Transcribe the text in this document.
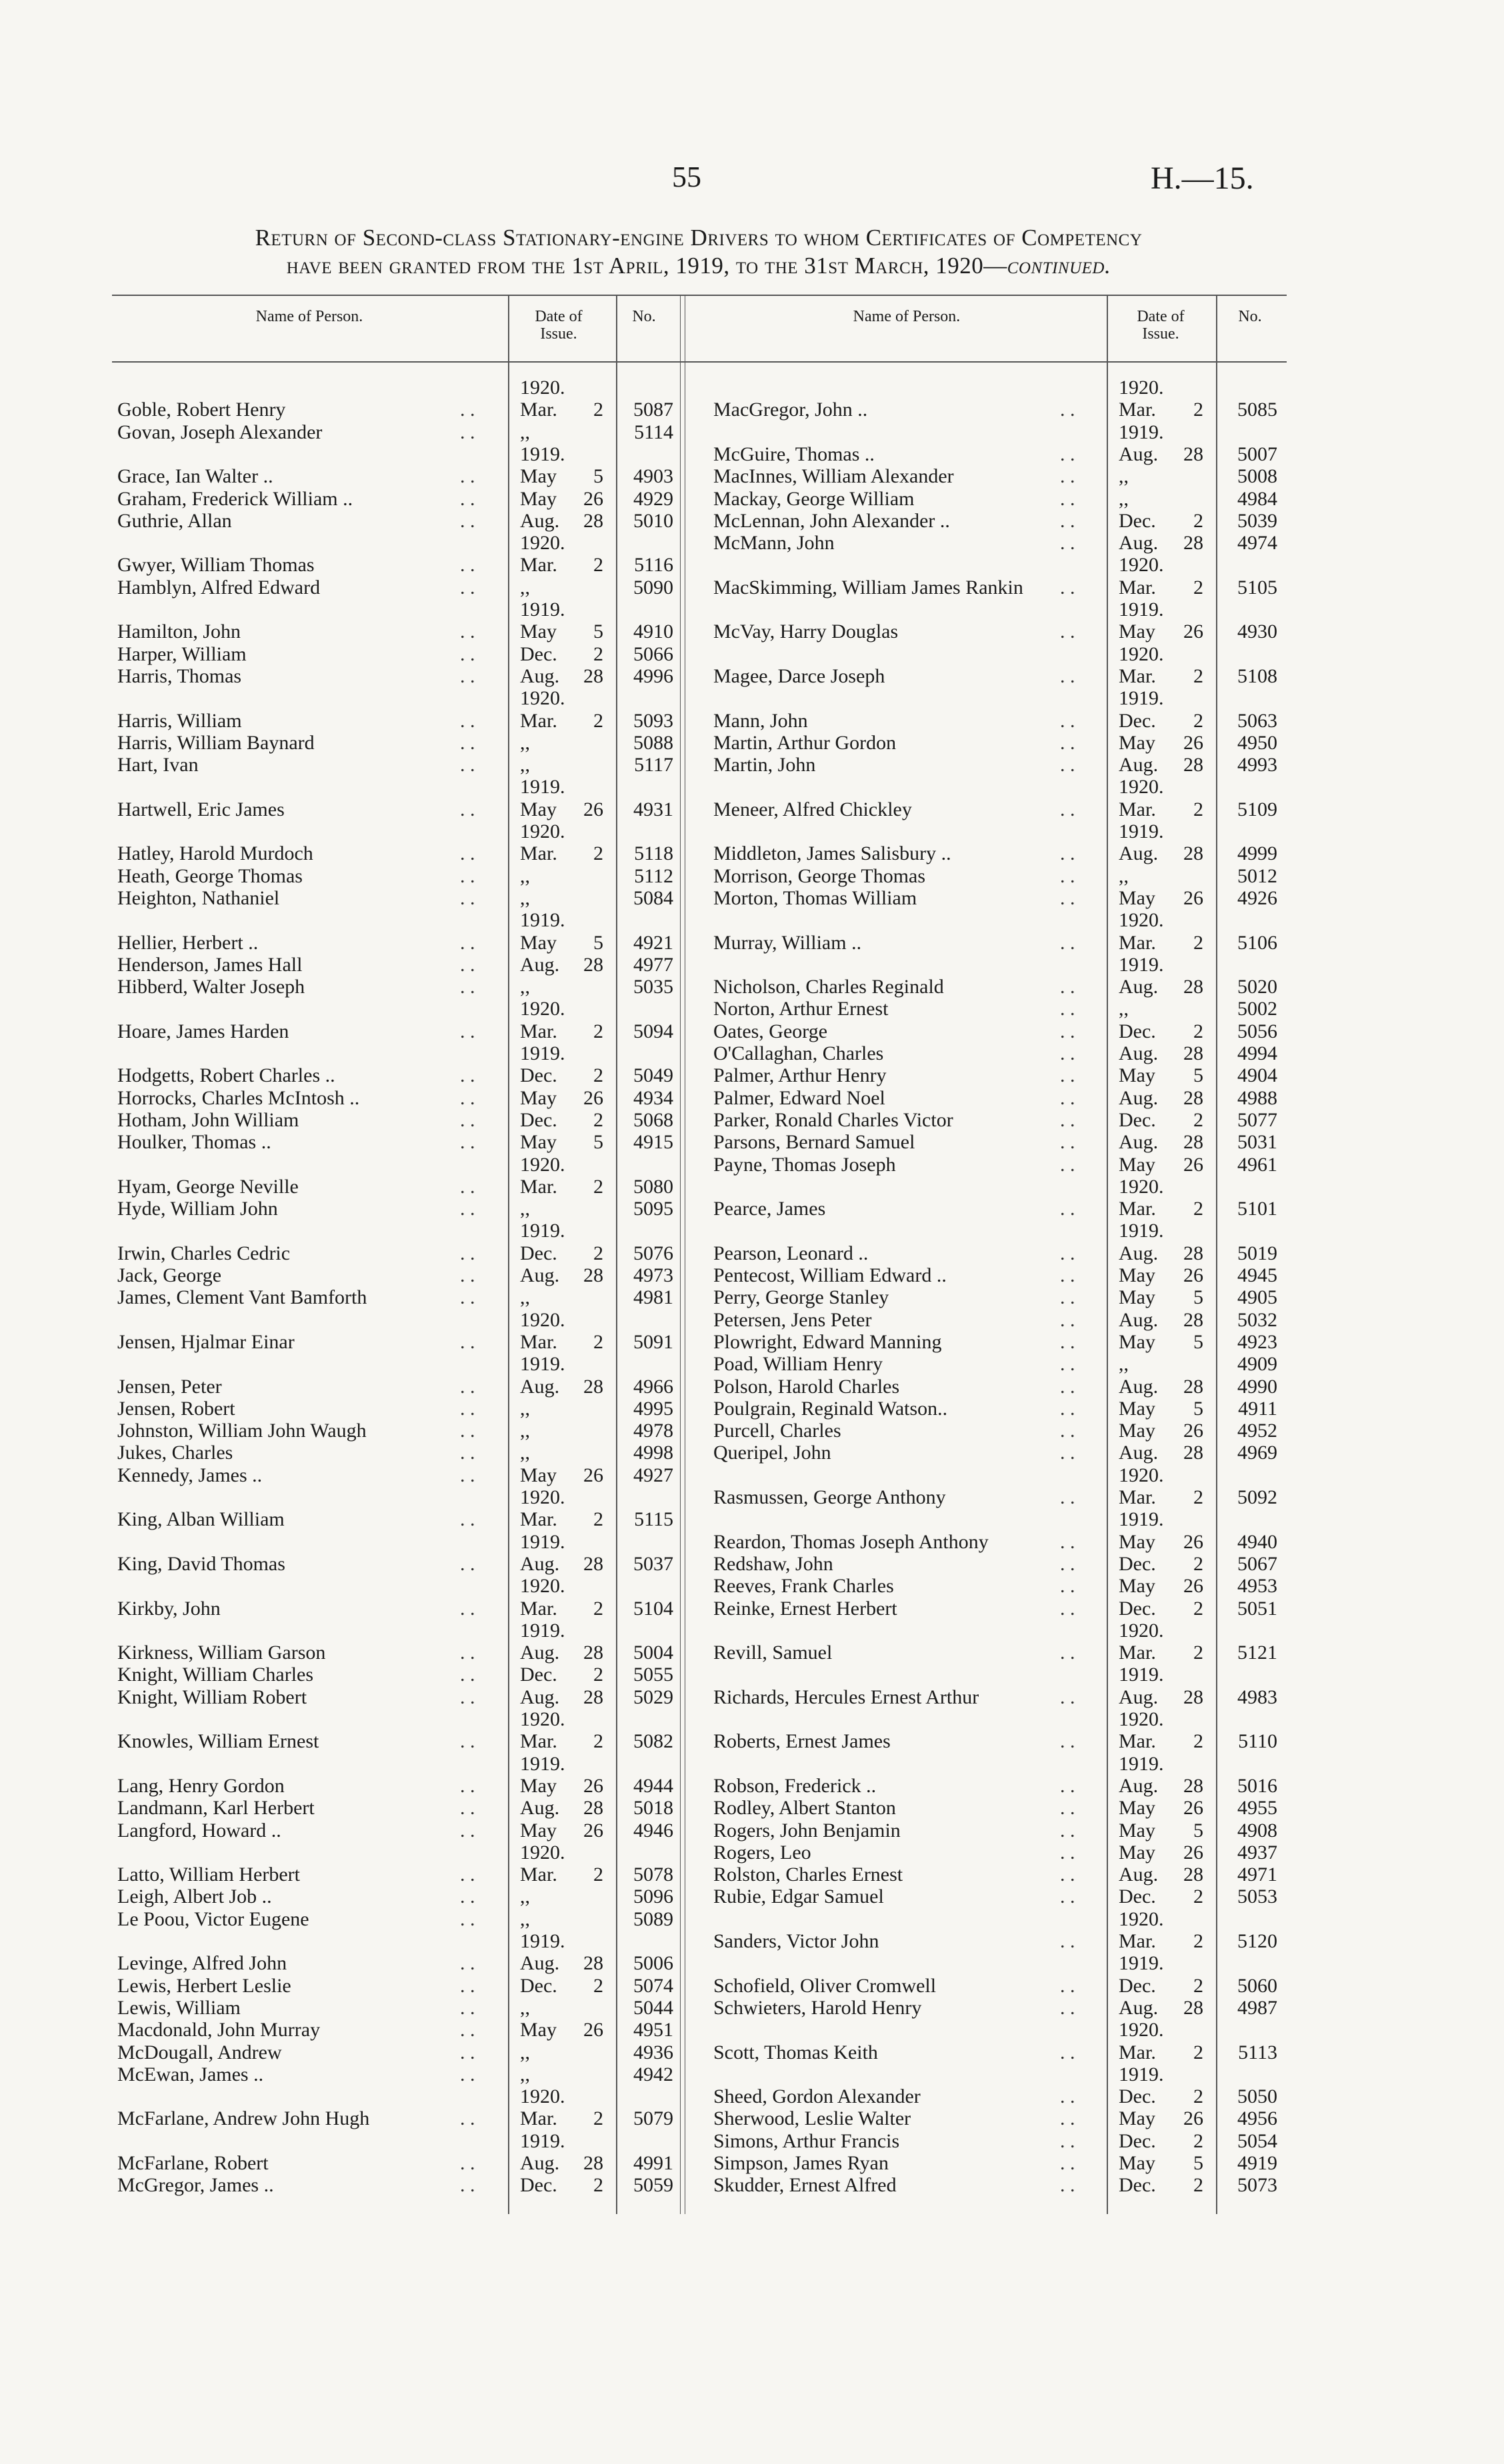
55	H.—15.
Return of Second-class Stationary-engine Drivers to whom Certificates of Competency
have been granted from the 1st April, 1919, to the 31st March, 1920—continued.
Name of Person.	Date of
Issue.
No.	Name of Person.	Date of
Issue.
No.
1920.
Goble, Robert Henry	. .	Mar.	2	5087
Govan, Joseph Alexander	. .	,,	5114
1919.
Grace, Ian Walter ..	. .	May	5	4903
Graham, Frederick William ..	. .	May	26	4929
Guthrie, Allan	. .	Aug.	28	5010
1920.
Gwyer, William Thomas	. .	Mar.	2	5116
Hamblyn, Alfred Edward	. .	,,	5090
1919.
Hamilton, John	. .	May	5	4910
Harper, William	. .	Dec.	2	5066
Harris, Thomas	. .	Aug.	28	4996
1920.
Harris, William	. .	Mar.	2	5093
Harris, William Baynard	. .	,,	5088
Hart, Ivan	. .	,,	5117
1919.
Hartwell, Eric James	. .	May	26	4931
1920.
Hatley, Harold Murdoch	. .	Mar.	2	5118
Heath, George Thomas	. .	,,	5112
Heighton, Nathaniel	. .	,,	5084
1919.
Hellier, Herbert ..	. .	May	5	4921
Henderson, James Hall	. .	Aug.	28	4977
Hibberd, Walter Joseph	. .	,,	5035
1920.
Hoare, James Harden	. .	Mar.	2	5094
1919.
Hodgetts, Robert Charles ..	. .	Dec.	2	5049
Horrocks, Charles McIntosh ..	. .	May	26	4934
Hotham, John William	. .	Dec.	2	5068
Houlker, Thomas ..	. .	May	5	4915
1920.
Hyam, George Neville	. .	Mar.	2	5080
Hyde, William John	. .	,,	5095
1919.
Irwin, Charles Cedric	. .	Dec.	2	5076
Jack, George	. .	Aug.	28	4973
James, Clement Vant Bamforth	. .	,,	4981
1920.
Jensen, Hjalmar Einar	. .	Mar.	2	5091
1919.
Jensen, Peter	. .	Aug.	28	4966
Jensen, Robert	. .	,,	4995
Johnston, William John Waugh	. .	,,	4978
Jukes, Charles	. .	,,	4998
Kennedy, James ..	. .	May	26	4927
1920.
King, Alban William	. .	Mar.	2	5115
1919.
King, David Thomas	. .	Aug.	28	5037
1920.
Kirkby, John	. .	Mar.	2	5104
1919.
Kirkness, William Garson	. .	Aug.	28	5004
Knight, William Charles	. .	Dec.	2	5055
Knight, William Robert	. .	Aug.	28	5029
1920.
Knowles, William Ernest	. .	Mar.	2	5082
1919.
Lang, Henry Gordon	. .	May	26	4944
Landmann, Karl Herbert	. .	Aug.	28	5018
Langford, Howard ..	. .	May	26	4946
1920.
Latto, William Herbert	. .	Mar.	2	5078
Leigh, Albert Job ..	. .	,,	5096
Le Poou, Victor Eugene	. .	,,	5089
1919.
Levinge, Alfred John	. .	Aug.	28	5006
Lewis, Herbert Leslie	. .	Dec.	2	5074
Lewis, William	. .	,,	5044
Macdonald, John Murray	. .	May	26	4951
McDougall, Andrew	. .	,,	4936
McEwan, James ..	. .	,,	4942
1920.
McFarlane, Andrew John Hugh	. .	Mar.	2	5079
1919.
McFarlane, Robert	. .	Aug.	28	4991
McGregor, James ..	. .	Dec.	2	5059
1920.
MacGregor, John ..	. .	Mar.	2	5085
1919.
McGuire, Thomas ..	. .	Aug.	28	5007
MacInnes, William Alexander	. .	,,	5008
Mackay, George William	. .	,,	4984
McLennan, John Alexander ..	. .	Dec.	2	5039
McMann, John	. .	Aug.	28	4974
1920.
MacSkimming, William James Rankin	. .	Mar.	2	5105
1919.
McVay, Harry Douglas	. .	May	26	4930
1920.
Magee, Darce Joseph	. .	Mar.	2	5108
1919.
Mann, John	. .	Dec.	2	5063
Martin, Arthur Gordon	. .	May	26	4950
Martin, John	. .	Aug.	28	4993
1920.
Meneer, Alfred Chickley	. .	Mar.	2	5109
1919.
Middleton, James Salisbury ..	. .	Aug.	28	4999
Morrison, George Thomas	. .	,,	5012
Morton, Thomas William	. .	May	26	4926
1920.
Murray, William ..	. .	Mar.	2	5106
1919.
Nicholson, Charles Reginald	. .	Aug.	28	5020
Norton, Arthur Ernest	. .	,,	5002
Oates, George	. .	Dec.	2	5056
O'Callaghan, Charles	. .	Aug.	28	4994
Palmer, Arthur Henry	. .	May	5	4904
Palmer, Edward Noel	. .	Aug.	28	4988
Parker, Ronald Charles Victor	. .	Dec.	2	5077
Parsons, Bernard Samuel	. .	Aug.	28	5031
Payne, Thomas Joseph	. .	May	26	4961
1920.
Pearce, James	. .	Mar.	2	5101
1919.
Pearson, Leonard ..	. .	Aug.	28	5019
Pentecost, William Edward ..	. .	May	26	4945
Perry, George Stanley	. .	May	5	4905
Petersen, Jens Peter	. .	Aug.	28	5032
Plowright, Edward Manning	. .	May	5	4923
Poad, William Henry	. .	,,	4909
Polson, Harold Charles	. .	Aug.	28	4990
Poulgrain, Reginald Watson..	. .	May	5	4911
Purcell, Charles	. .	May	26	4952
Queripel, John	. .	Aug.	28	4969
1920.
Rasmussen, George Anthony	. .	Mar.	2	5092
1919.
Reardon, Thomas Joseph Anthony	. .	May	26	4940
Redshaw, John	. .	Dec.	2	5067
Reeves, Frank Charles	. .	May	26	4953
Reinke, Ernest Herbert	. .	Dec.	2	5051
1920.
Revill, Samuel	. .	Mar.	2	5121
1919.
Richards, Hercules Ernest Arthur	. .	Aug.	28	4983
1920.
Roberts, Ernest James	. .	Mar.	2	5110
1919.
Robson, Frederick ..	. .	Aug.	28	5016
Rodley, Albert Stanton	. .	May	26	4955
Rogers, John Benjamin	. .	May	5	4908
Rogers, Leo	. .	May	26	4937
Rolston, Charles Ernest	. .	Aug.	28	4971
Rubie, Edgar Samuel	. .	Dec.	2	5053
1920.
Sanders, Victor John	. .	Mar.	2	5120
1919.
Schofield, Oliver Cromwell	. .	Dec.	2	5060
Schwieters, Harold Henry	. .	Aug.	28	4987
1920.
Scott, Thomas Keith	. .	Mar.	2	5113
1919.
Sheed, Gordon Alexander	. .	Dec.	2	5050
Sherwood, Leslie Walter	. .	May	26	4956
Simons, Arthur Francis	. .	Dec.	2	5054
Simpson, James Ryan	. .	May	5	4919
Skudder, Ernest Alfred	. .	Dec.	2	5073
